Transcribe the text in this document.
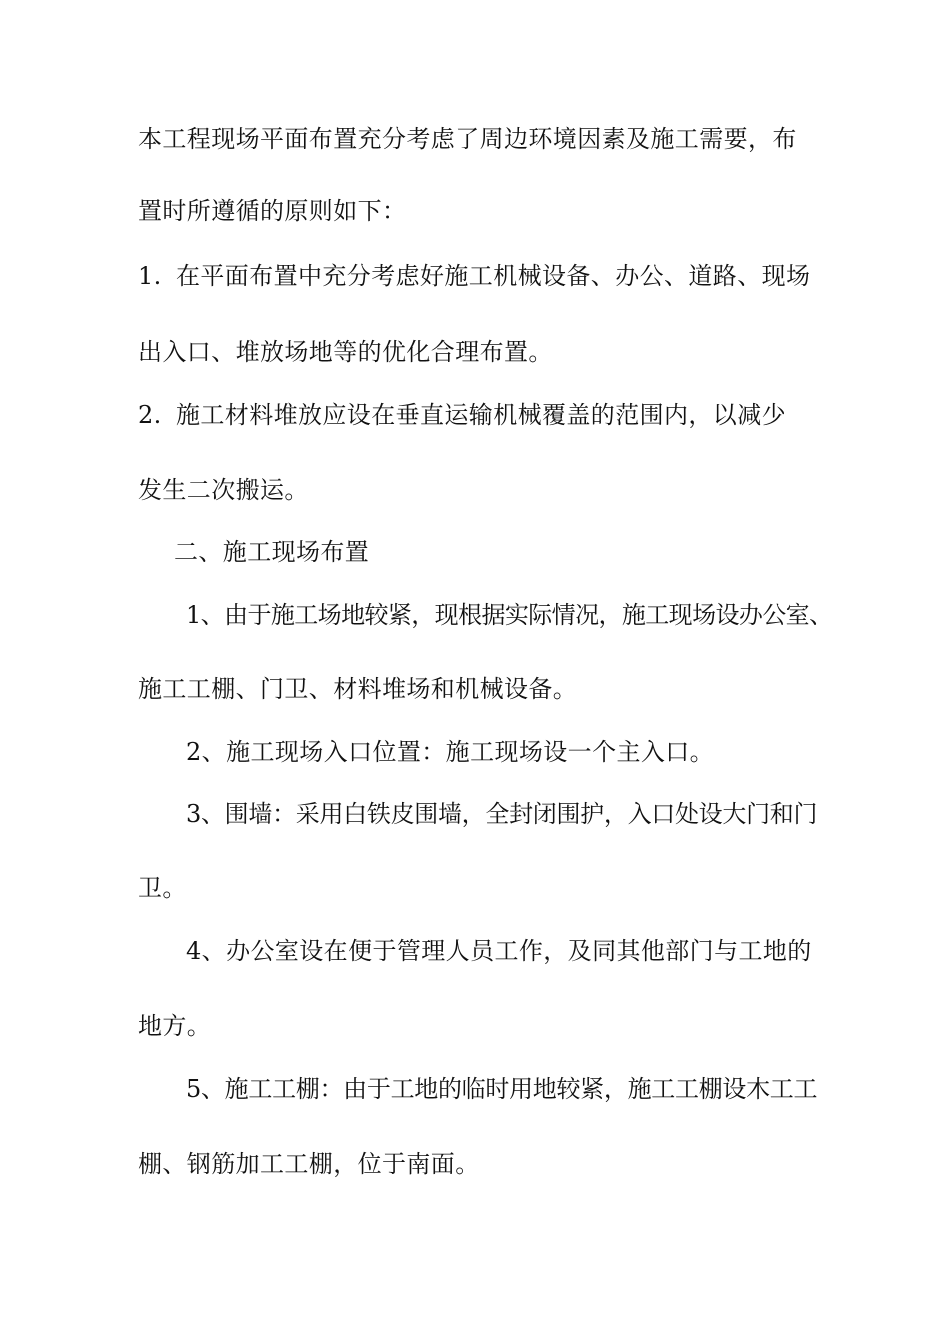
本工程现场平面布置充分考虑了周边环境因素及施工需要，布
置时所遵循的原则如下：
1. 在平面布置中充分考虑好施工机械设备、办公、道路、现场
出入口、堆放场地等的优化合理布置。
2. 施工材料堆放应设在垂直运输机械覆盖的范围内，以减少
发生二次搬运。
二、施工现场布置
1、由于施工场地较紧，现根据实际情况，施工现场设办公室、
施工工棚、门卫、材料堆场和机械设备。
2、施工现场入口位置：施工现场设一个主入口。
3、围墙：采用白铁皮围墙，全封闭围护，入口处设大门和门
卫。
4、办公室设在便于管理人员工作，及同其他部门与工地的
地方。
5、施工工棚：由于工地的临时用地较紧，施工工棚设木工工
棚、钢筋加工工棚，位于南面。
